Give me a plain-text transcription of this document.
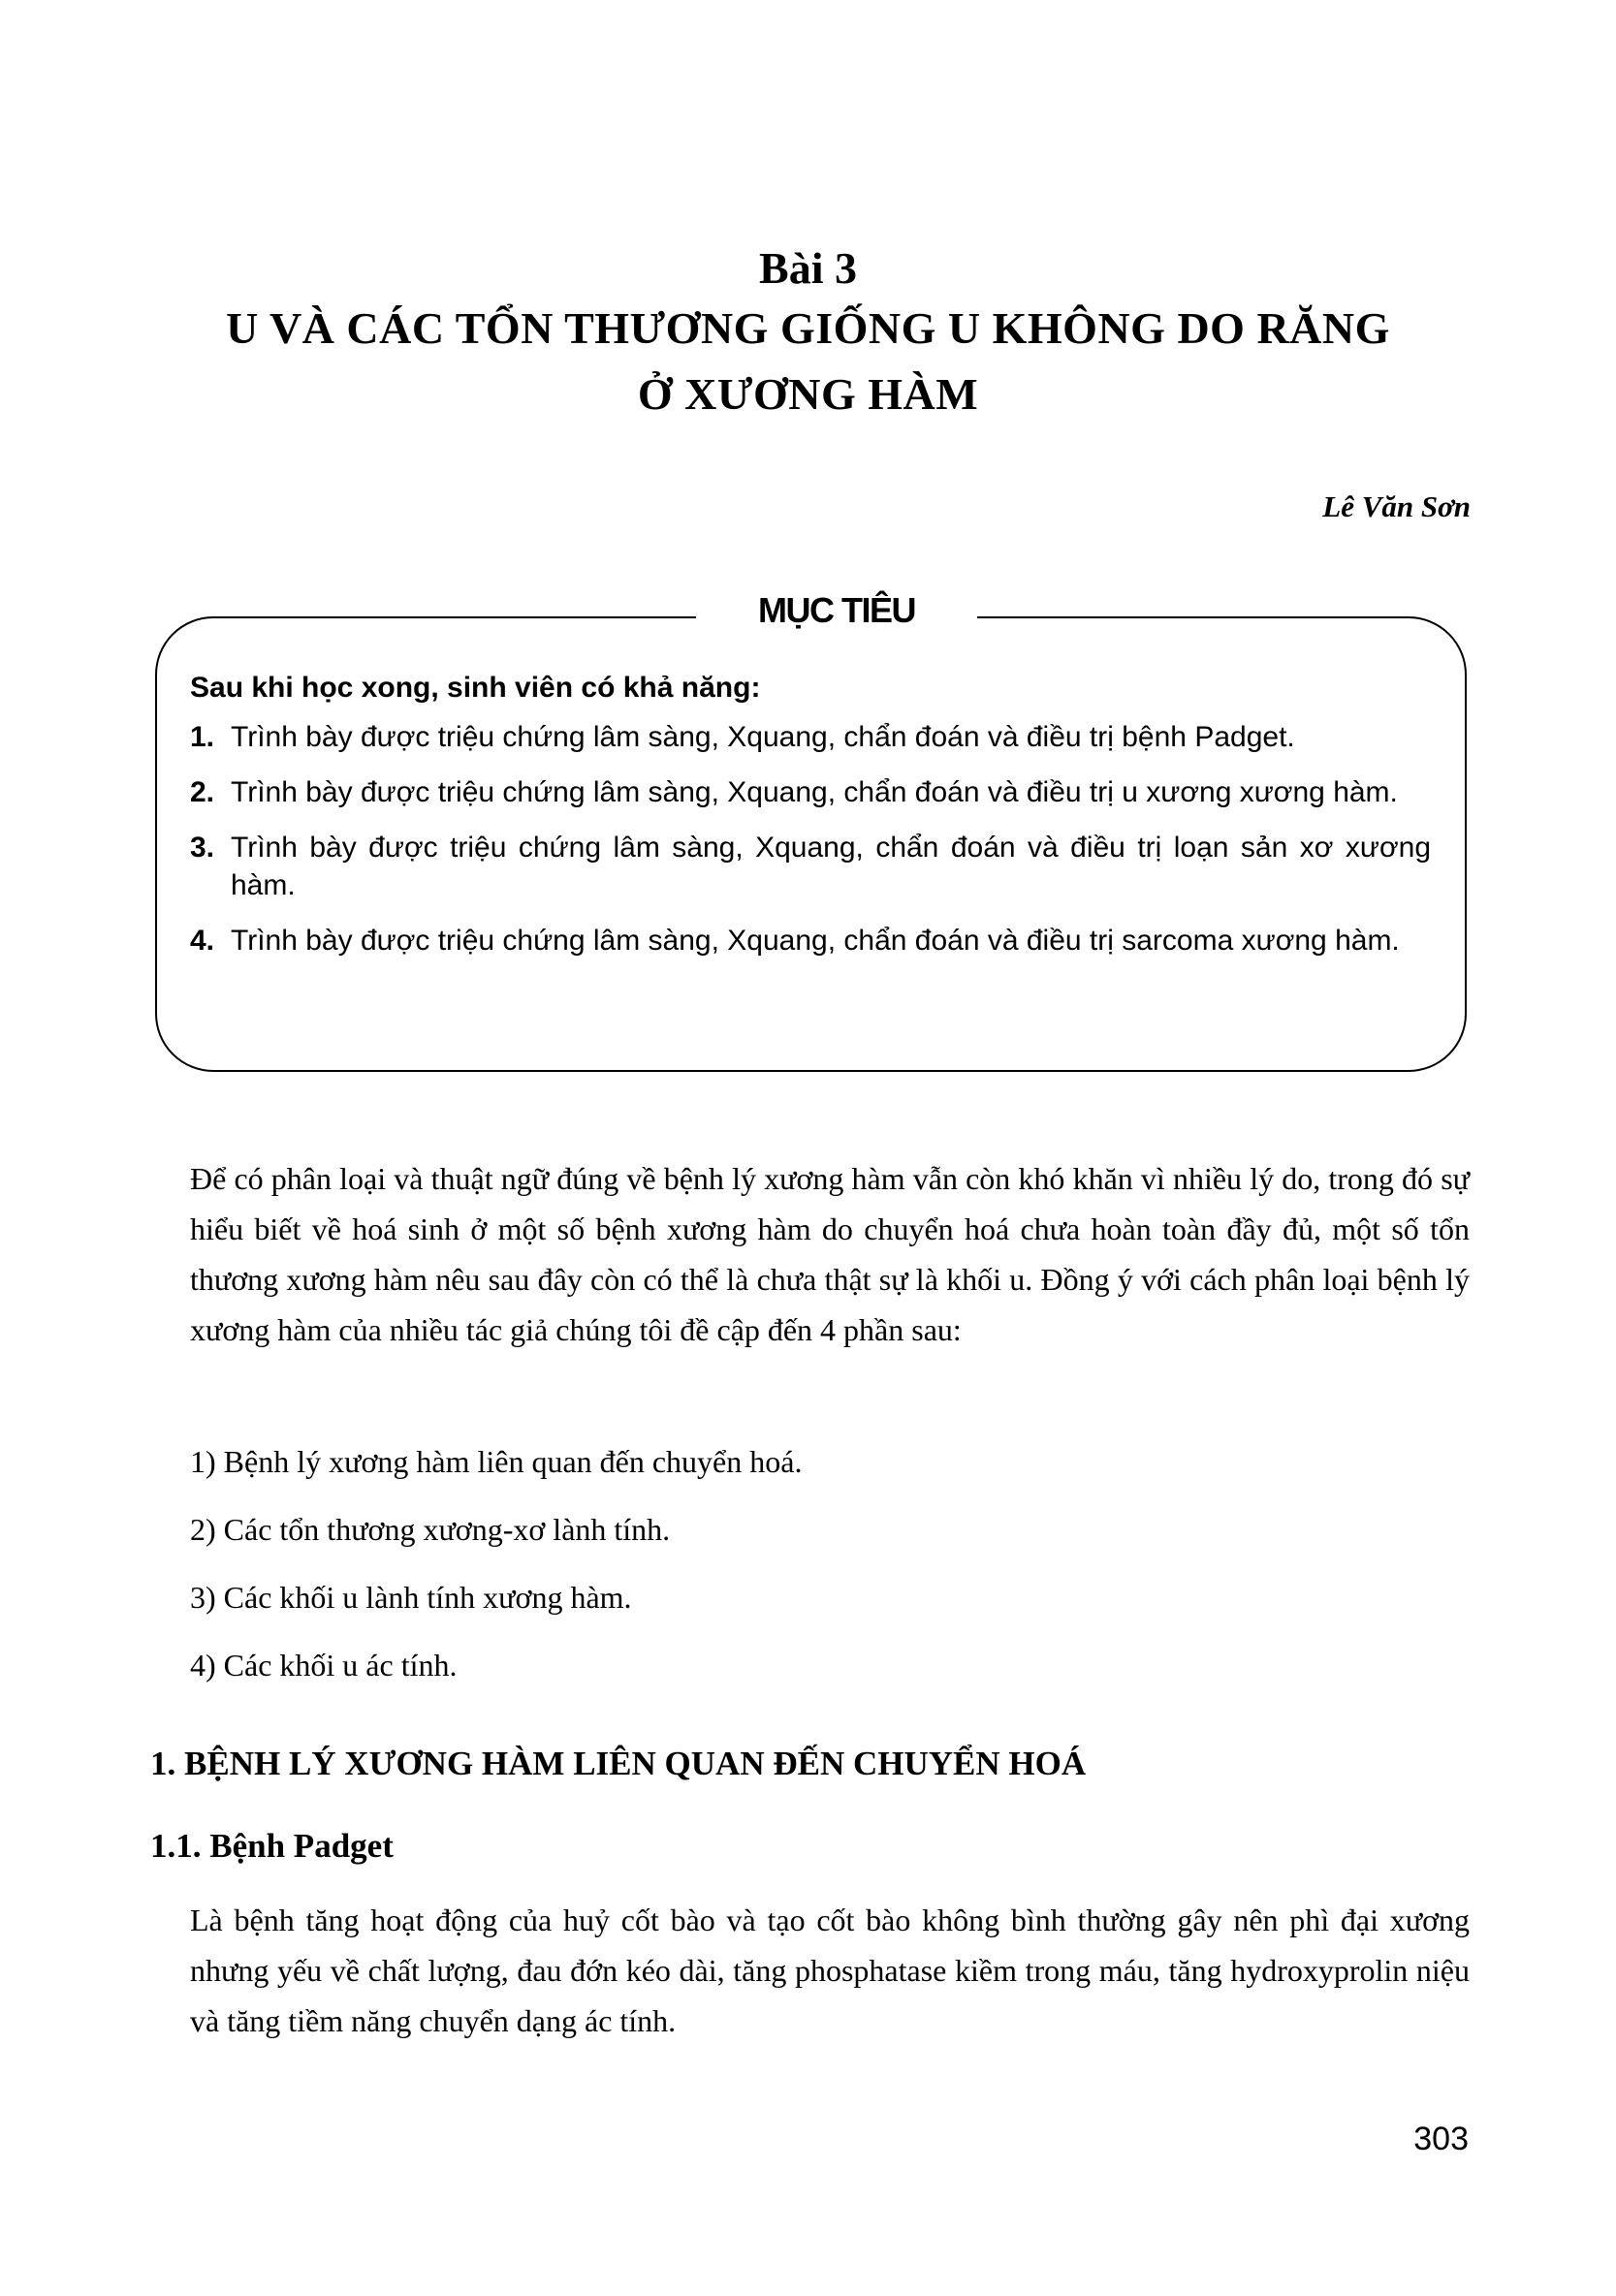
Bài 3
U VÀ CÁC TỔN THƯƠNG GIỐNG U KHÔNG DO RĂNG
Ở XƯƠNG HÀM
Lê Văn Sơn
MỤC TIÊU
Sau khi học xong, sinh viên có khả năng:
1. Trình bày được triệu chứng lâm sàng, Xquang, chẩn đoán và điều trị bệnh Padget.
2. Trình bày được triệu chứng lâm sàng, Xquang, chẩn đoán và điều trị u xương xương hàm.
3. Trình bày được triệu chứng lâm sàng, Xquang, chẩn đoán và điều trị loạn sản xơ xương hàm.
4. Trình bày được triệu chứng lâm sàng, Xquang, chẩn đoán và điều trị sarcoma xương hàm.

Để có phân loại và thuật ngữ đúng về bệnh lý xương hàm vẫn còn khó khăn vì nhiều lý do, trong đó sự hiểu biết về hoá sinh ở một số bệnh xương hàm do chuyển hoá chưa hoàn toàn đầy đủ, một số tổn thương xương hàm nêu sau đây còn có thể là chưa thật sự là khối u. Đồng ý với cách phân loại bệnh lý xương hàm của nhiều tác giả chúng tôi đề cập đến 4 phần sau:

1) Bệnh lý xương hàm liên quan đến chuyển hoá.
2) Các tổn thương xương-xơ lành tính.
3) Các khối u lành tính xương hàm.
4) Các khối u ác tính.
1. BỆNH LÝ XƯƠNG HÀM LIÊN QUAN ĐẾN CHUYỂN HOÁ
1.1. Bệnh Padget

Là bệnh tăng hoạt động của huỷ cốt bào và tạo cốt bào không bình thường gây nên phì đại xương nhưng yếu về chất lượng, đau đớn kéo dài, tăng phosphatase kiềm trong máu, tăng hydroxyprolin niệu và tăng tiềm năng chuyển dạng ác tính.

303
